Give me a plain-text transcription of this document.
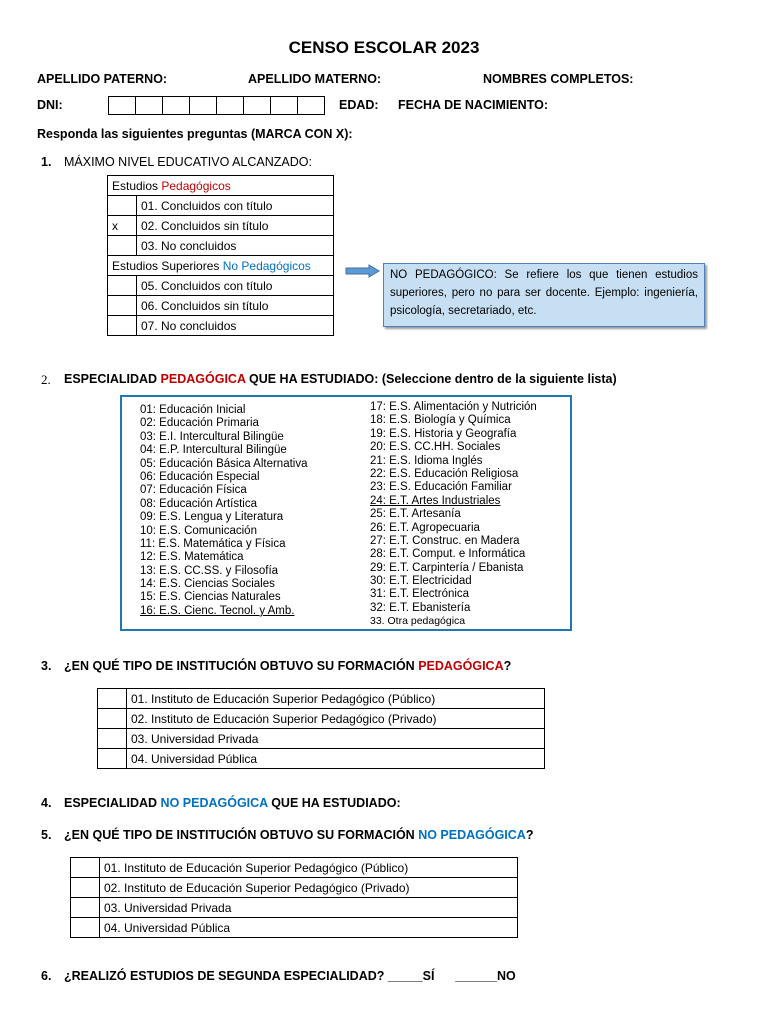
CENSO ESCOLAR 2023
APELLIDO PATERNO:	APELLIDO MATERNO:	NOMBRES COMPLETOS:
DNI:	EDAD: FECHA DE NACIMIENTO:
Responda las siguientes preguntas (MARCA CON X):
1. MÁXIMO NIVEL EDUCATIVO ALCANZADO:
Estudios Pedagógicos	
	01. Concluidos con título
x	02. Concluidos sin título
	03. No concluidos
Estudios Superiores No Pedagógicos	
	05. Concluidos con título
	06. Concluidos sin título
	07. No concluidos
NO PEDAGÓGICO: Se refiere los que tienen estudios superiores, pero no para ser docente. Ejemplo: ingeniería, psicología, secretariado, etc.
2. ESPECIALIDAD PEDAGÓGICA QUE HA ESTUDIADO: (Seleccione dentro de la siguiente lista)
01: Educación Inicial
02: Educación Primaria
03: E.I. Intercultural Bilingüe
04: E.P. Intercultural Bilingüe
05: Educación Básica Alternativa
06: Educación Especial
07: Educación Física
08: Educación Artística
09: E.S. Lengua y Literatura
10: E.S. Comunicación
11: E.S. Matemática y Física
12: E.S. Matemática
13: E.S. CC.SS. y Filosofía
14: E.S. Ciencias Sociales
15: E.S. Ciencias Naturales
16: E.S. Cienc. Tecnol. y Amb.
17: E.S. Alimentación y Nutrición
18: E.S. Biología y Química
19: E.S. Historia y Geografía
20: E.S. CC.HH. Sociales
21: E.S. Idioma Inglés
22: E.S. Educación Religiosa
23: E.S. Educación Familiar
24: E.T. Artes Industriales
25: E.T. Artesanía
26: E.T. Agropecuaria
27: E.T. Construc. en Madera
28: E.T. Comput. e Informática
29: E.T. Carpintería / Ebanista
30: E.T. Electricidad
31: E.T. Electrónica
32: E.T. Ebanistería
33. Otra pedagógica
3. ¿EN QUÉ TIPO DE INSTITUCIÓN OBTUVO SU FORMACIÓN PEDAGÓGICA?
	01. Instituto de Educación Superior Pedagógico (Público)
	02. Instituto de Educación Superior Pedagógico (Privado)
	03. Universidad Privada
	04. Universidad Pública
4. ESPECIALIDAD NO PEDAGÓGICA QUE HA ESTUDIADO:
5. ¿EN QUÉ TIPO DE INSTITUCIÓN OBTUVO SU FORMACIÓN NO PEDAGÓGICA?
	01. Instituto de Educación Superior Pedagógico (Público)
	02. Instituto de Educación Superior Pedagógico (Privado)
	03. Universidad Privada
	04. Universidad Pública
6. ¿REALIZÓ ESTUDIOS DE SEGUNDA ESPECIALIDAD? _____SÍ      ______NO
